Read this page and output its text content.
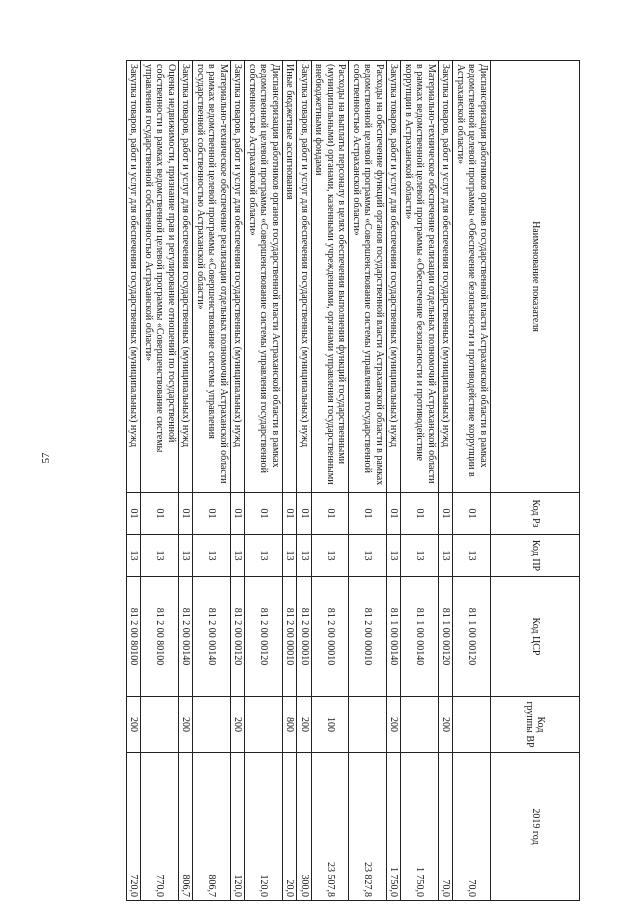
57
Наименование показателя	Код Рз	Код ПР	Код ЦСР	Код группы ВР	2019 год
Диспансеризация работников органов государственной власти Астраханской области в рамках ведомственной целевой программы «Обеспечение безопасности и противодействие коррупции в Астраханской области»	01	13	81 1 00 00120		70,0
Закупка товаров, работ и услуг для обеспечения государственных (муниципальных) нужд	01	13	81 1 00 00120	200	70,0
Материально-техническое обеспечение реализации отдельных полномочий Астраханской области в рамках ведомственной целевой программы «Обеспечение безопасности и противодействие коррупции в Астраханской области»	01	13	81 1 00 00140		1 750,0
Закупка товаров, работ и услуг для обеспечения государственных (муниципальных) нужд	01	13	81 1 00 00140	200	1 750,0
Расходы на обеспечение функций органов государственной власти Астраханской области в рамках ведомственной целевой программы «Совершенствование системы управления государственной собственностью Астраханской области»	01	13	81 2 00 00010		23 827,8
Расходы на выплаты персоналу в целях обеспечения выполнения функций государственными (муниципальными) органами, казенными учреждениями, органами управления государственными внебюджетными фондами	01	13	81 2 00 00010	100	23 507,8
Закупка товаров, работ и услуг для обеспечения государственных (муниципальных) нужд	01	13	81 2 00 00010	200	300,0
Иные бюджетные ассигнования	01	13	81 2 00 00010	800	20,0
Диспансеризация работников органов государственной власти Астраханской области в рамках ведомственной целевой программы «Совершенствование системы управления государственной собственностью Астраханской области»	01	13	81 2 00 00120		120,0
Закупка товаров, работ и услуг для обеспечения государственных (муниципальных) нужд	01	13	81 2 00 00120	200	120,0
Материально-техническое обеспечение реализации отдельных полномочий Астраханской области в рамках ведомственной целевой программы «Совершенствование системы управления государственной собственностью Астраханской области»	01	13	81 2 00 00140		806,7
Закупка товаров, работ и услуг для обеспечения государственных (муниципальных) нужд	01	13	81 2 00 00140	200	806,7
Оценка недвижимости, признание прав и регулирование отношений по государственной собственности в рамках ведомственной целевой программы «Совершенствование системы управления государственной собственностью Астраханской области»	01	13	81 2 00 80100		770,0
Закупка товаров, работ и услуг для обеспечения государственных (муниципальных) нужд	01	13	81 2 00 80100	200	720,0
